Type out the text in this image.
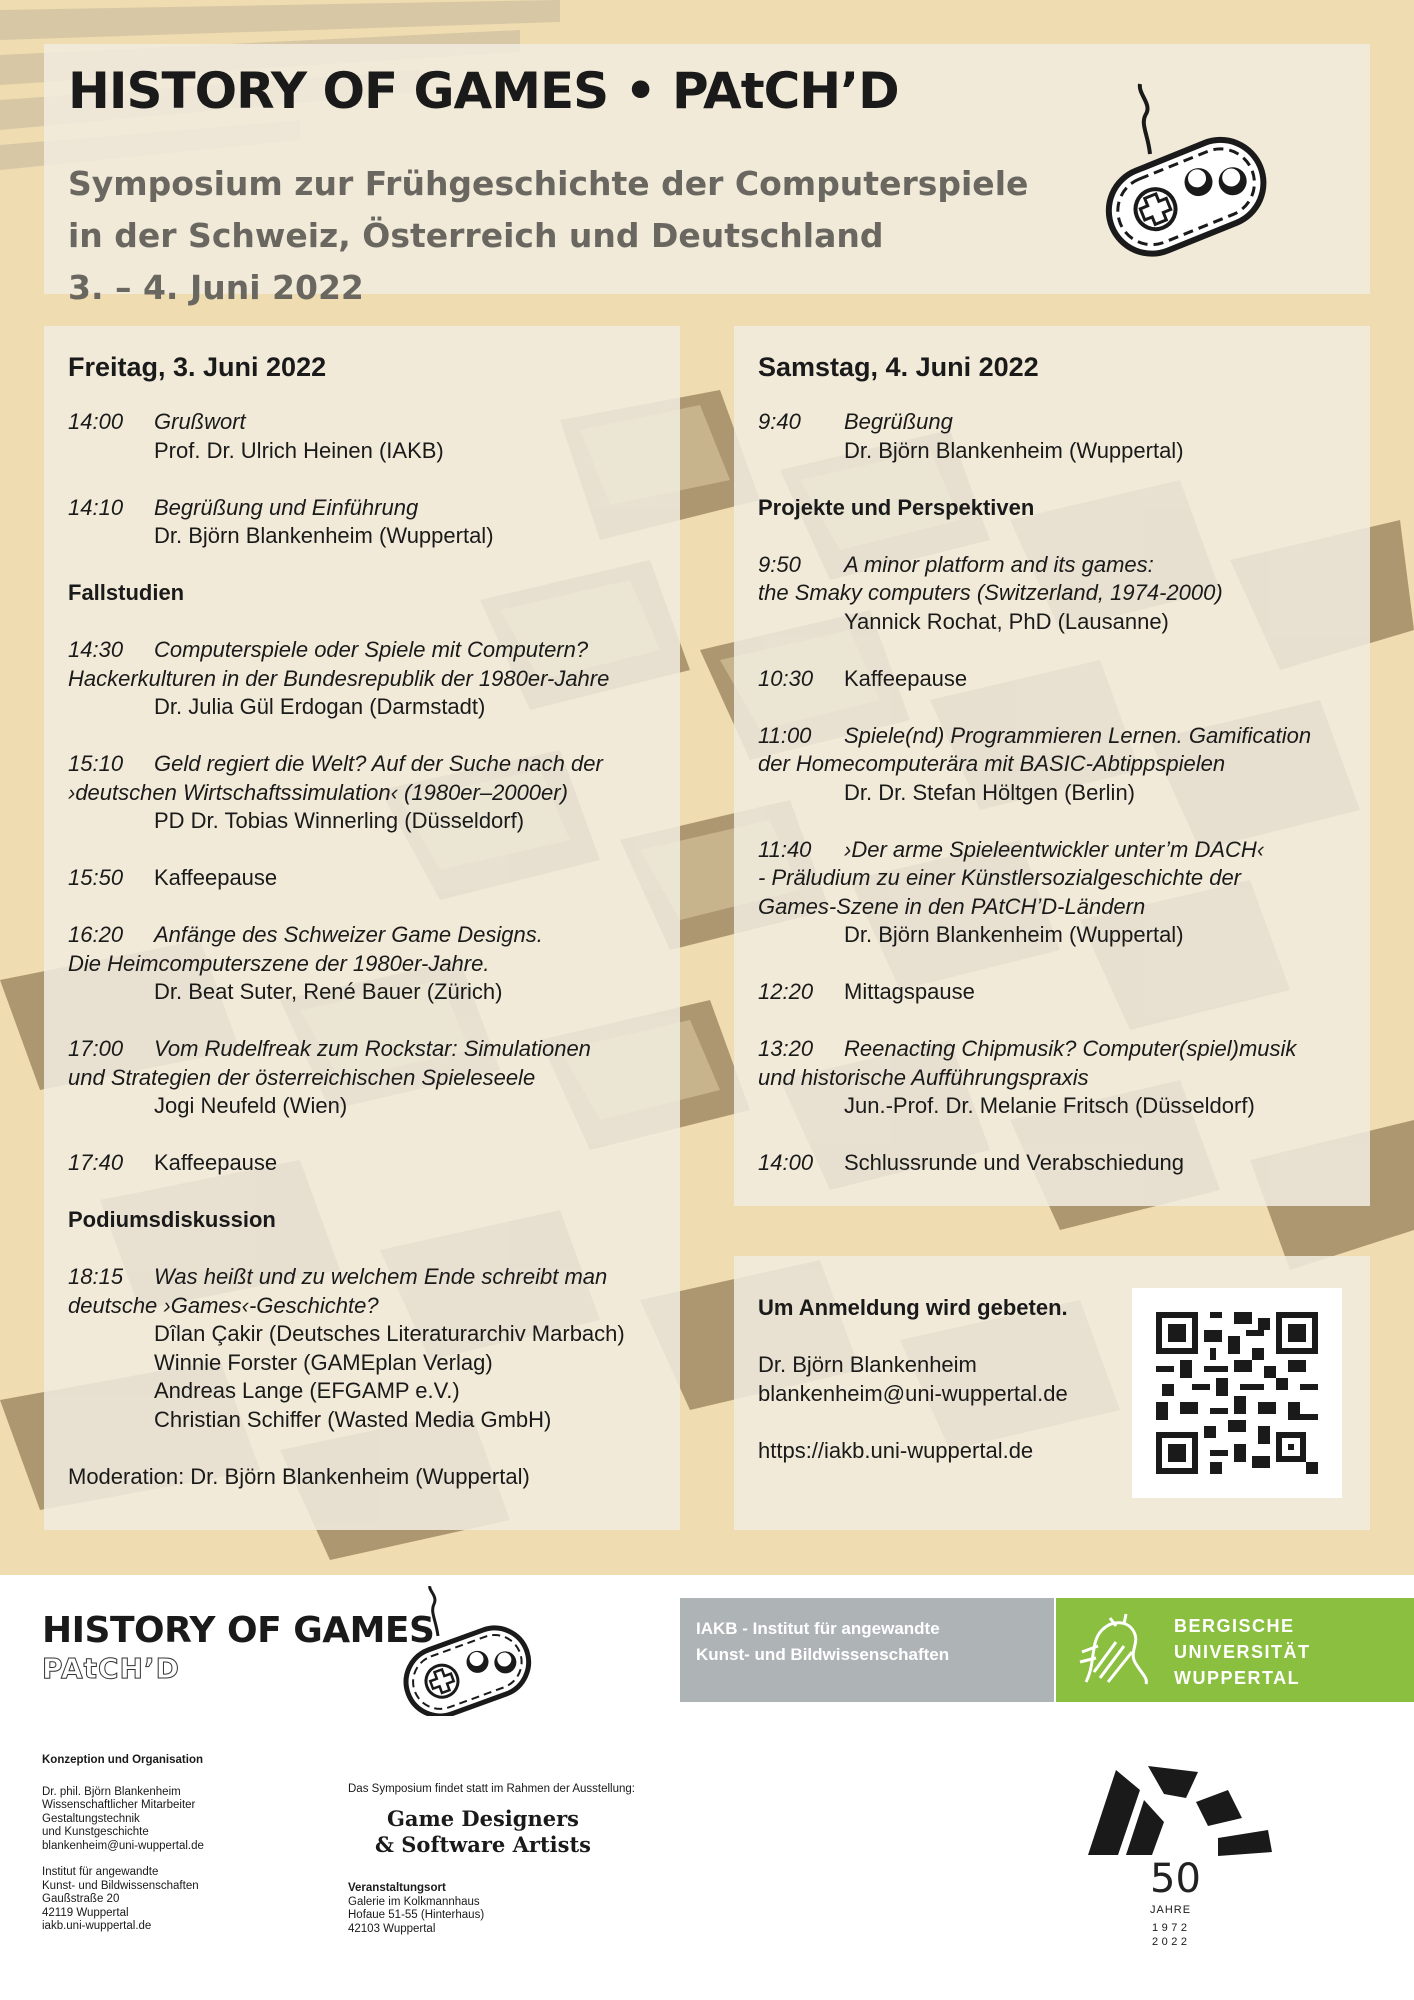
HISTORY OF GAMES • PAtCH’D
Symposium zur Frühgeschichte der Computerspiele
in der Schweiz, Österreich und Deutschland
3. – 4. Juni 2022
Freitag, 3. Juni 2022
14:00 Grußwort
Prof. Dr. Ulrich Heinen (IAKB)
14:10 Begrüßung und Einführung
Dr. Björn Blankenheim (Wuppertal)
Fallstudien
14:30 Computerspiele oder Spiele mit Computern?
Hackerkulturen in der Bundesrepublik der 1980er-Jahre
Dr. Julia Gül Erdogan (Darmstadt)
15:10 Geld regiert die Welt? Auf der Suche nach der
›deutschen Wirtschaftssimulation‹ (1980er–2000er)
PD Dr. Tobias Winnerling (Düsseldorf)
15:50 Kaffeepause
16:20 Anfänge des Schweizer Game Designs.
Die Heimcomputerszene der 1980er-Jahre.
Dr. Beat Suter, René Bauer (Zürich)
17:00 Vom Rudelfreak zum Rockstar: Simulationen
und Strategien der österreichischen Spieleseele
Jogi Neufeld (Wien)
17:40 Kaffeepause
Podiumsdiskussion
18:15 Was heißt und zu welchem Ende schreibt man
deutsche ›Games‹-Geschichte?
Dîlan Çakir (Deutsches Literaturarchiv Marbach)
Winnie Forster (GAMEplan Verlag)
Andreas Lange (EFGAMP e.V.)
Christian Schiffer (Wasted Media GmbH)
Moderation: Dr. Björn Blankenheim (Wuppertal)
Samstag, 4. Juni 2022
9:40 Begrüßung
Dr. Björn Blankenheim (Wuppertal)
Projekte und Perspektiven
9:50 A minor platform and its games:
the Smaky computers (Switzerland, 1974-2000)
Yannick Rochat, PhD (Lausanne)
10:30 Kaffeepause
11:00 Spiele(nd) Programmieren Lernen. Gamification
der Homecomputerära mit BASIC-Abtippspielen
Dr. Dr. Stefan Höltgen (Berlin)
11:40 ›Der arme Spieleentwickler unter’m DACH‹
- Präludium zu einer Künstlersozialgeschichte der
Games-Szene in den PAtCH’D-Ländern
Dr. Björn Blankenheim (Wuppertal)
12:20 Mittagspause
13:20 Reenacting Chipmusik? Computer(spiel)musik
und historische Aufführungspraxis
Jun.-Prof. Dr. Melanie Fritsch (Düsseldorf)
14:00 Schlussrunde und Verabschiedung
Um Anmeldung wird gebeten.
Dr. Björn Blankenheim
blankenheim@uni-wuppertal.de
https://iakb.uni-wuppertal.de
HISTORY OF GAMES
PAtCH’D
IAKB - Institut für angewandte
Kunst- und Bildwissenschaften
BERGISCHE
UNIVERSITÄT
WUPPERTAL
Konzeption und Organisation
Dr. phil. Björn Blankenheim
Wissenschaftlicher Mitarbeiter
Gestaltungstechnik
und Kunstgeschichte
blankenheim@uni-wuppertal.de
Institut für angewandte
Kunst- und Bildwissenschaften
Gaußstraße 20
42119 Wuppertal
iakb.uni-wuppertal.de
Das Symposium findet statt im Rahmen der Ausstellung:
Game Designers
& Software Artists
Veranstaltungsort
Galerie im Kolkmannhaus
Hofaue 51-55 (Hinterhaus)
42103 Wuppertal
50
JAHRE
1972
2022
